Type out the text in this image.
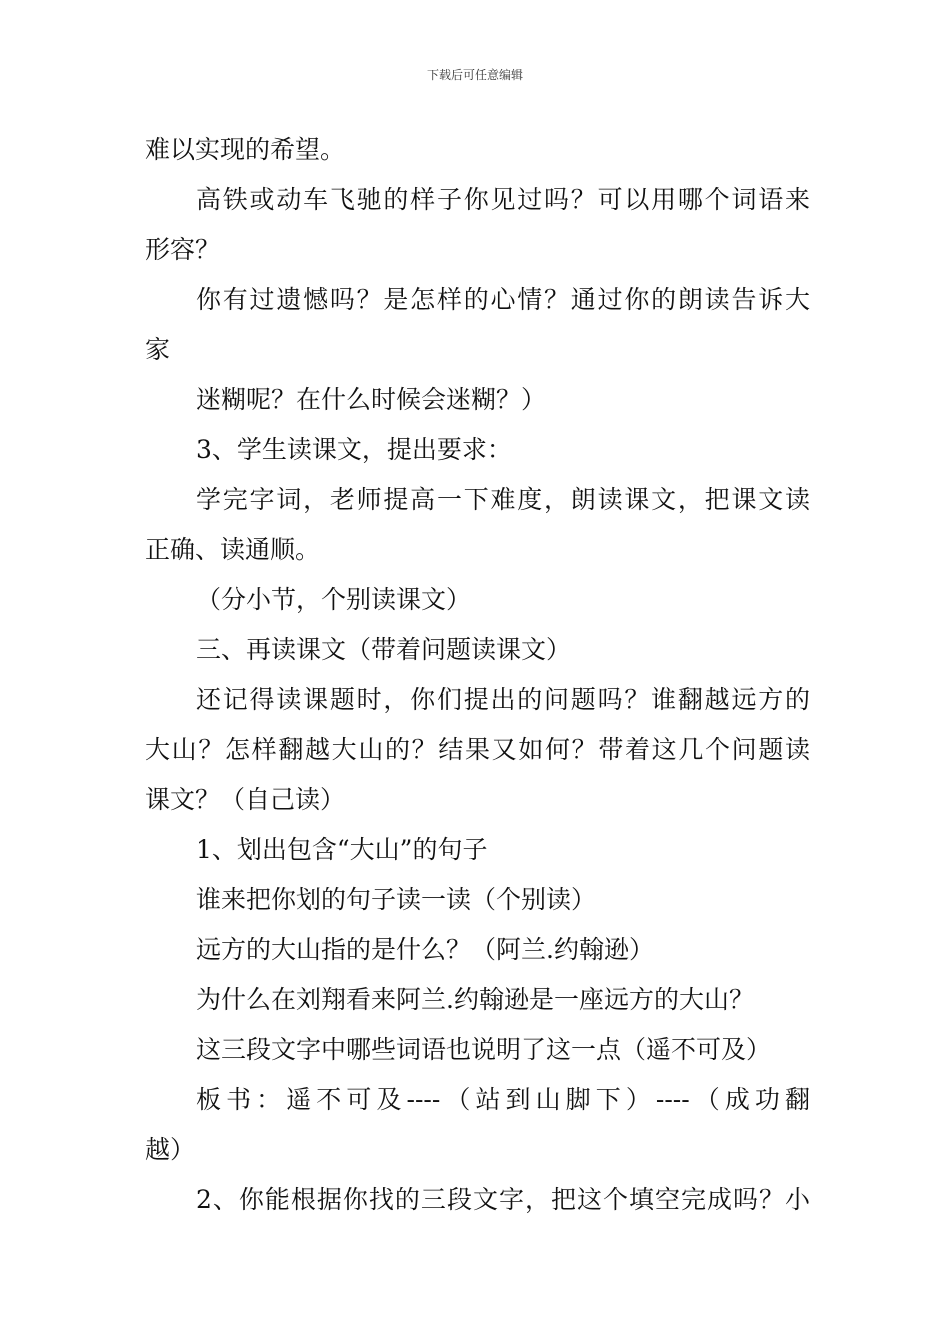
下载后可任意编辑
难以实现的希望。
高铁或动车飞驰的样子你见过吗？可以用哪个词语来
形容？
你有过遗憾吗？是怎样的心情？通过你的朗读告诉大
家
迷糊呢？在什么时候会迷糊？）
3、学生读课文，提出要求：
学完字词，老师提高一下难度，朗读课文，把课文读
正确、读通顺。
（分小节，个别读课文）
三、再读课文（带着问题读课文）
还记得读课题时，你们提出的问题吗？谁翻越远方的
大山？怎样翻越大山的？结果又如何？带着这几个问题读
课文？（自己读）
1、划出包含“大山”的句子
谁来把你划的句子读一读（个别读）
远方的大山指的是什么？（阿兰.约翰逊）
为什么在刘翔看来阿兰.约翰逊是一座远方的大山？
这三段文字中哪些词语也说明了这一点（遥不可及）
板书：遥不可及----（站到山脚下）----（成功翻
越）
2、你能根据你找的三段文字，把这个填空完成吗？小
